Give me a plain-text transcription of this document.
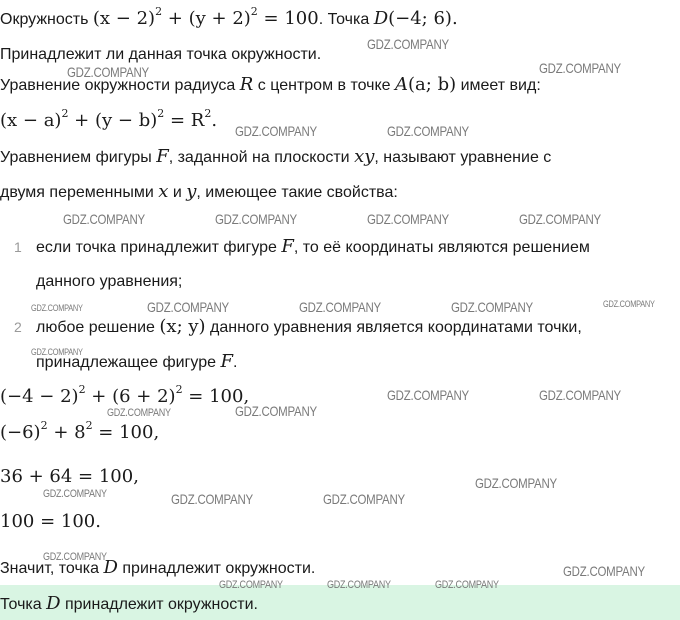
Окружность $(x - 2)^2 + (y + 2)^2 = 100$. Точка D(−4; 6).
Принадлежит ли данная точка окружности.
Уравнение окружности радиуса R с центром в точке A(a; b) имеет вид:
$(x - a)^2 + (y - b)^2 = R^2$.
Уравнением фигуры F, заданной на плоскости xy, называют уравнение с
двумя переменными x и y, имеющее такие свойства:
1 если точка принадлежит фигуре F, то её координаты являются решением
данного уравнения;
2 любое решение (x; y) данного уравнения является координатами точки,
принадлежащее фигуре F.
$(-4 - 2)^2 + (6 + 2)^2 = 100$,
$(-6)^2 + 8^2 = 100$,
36 + 64 = 100,
100 = 100.
Значит, точка D принадлежит окружности.
Точка D принадлежит окружности.
GDZ.COMPANY
GDZ.COMPANY	GDZ.COMPANY
GDZ.COMPANY	GDZ.COMPANY
GDZ.COMPANY	GDZ.COMPANY	GDZ.COMPANY	GDZ.COMPANY
GDZ.COMPANY	GDZ.COMPANY	GDZ.COMPANY	GDZ.COMPANY	GDZ.COMPANY
GDZ.COMPANY
GDZ.COMPANY	GDZ.COMPANY
GDZ.COMPANY	GDZ.COMPANY
GDZ.COMPANY
GDZ.COMPANY	GDZ.COMPANY	GDZ.COMPANY
GDZ.COMPANY
GDZ.COMPANY
GDZ.COMPANY	GDZ.COMPANY	GDZ.COMPANY
